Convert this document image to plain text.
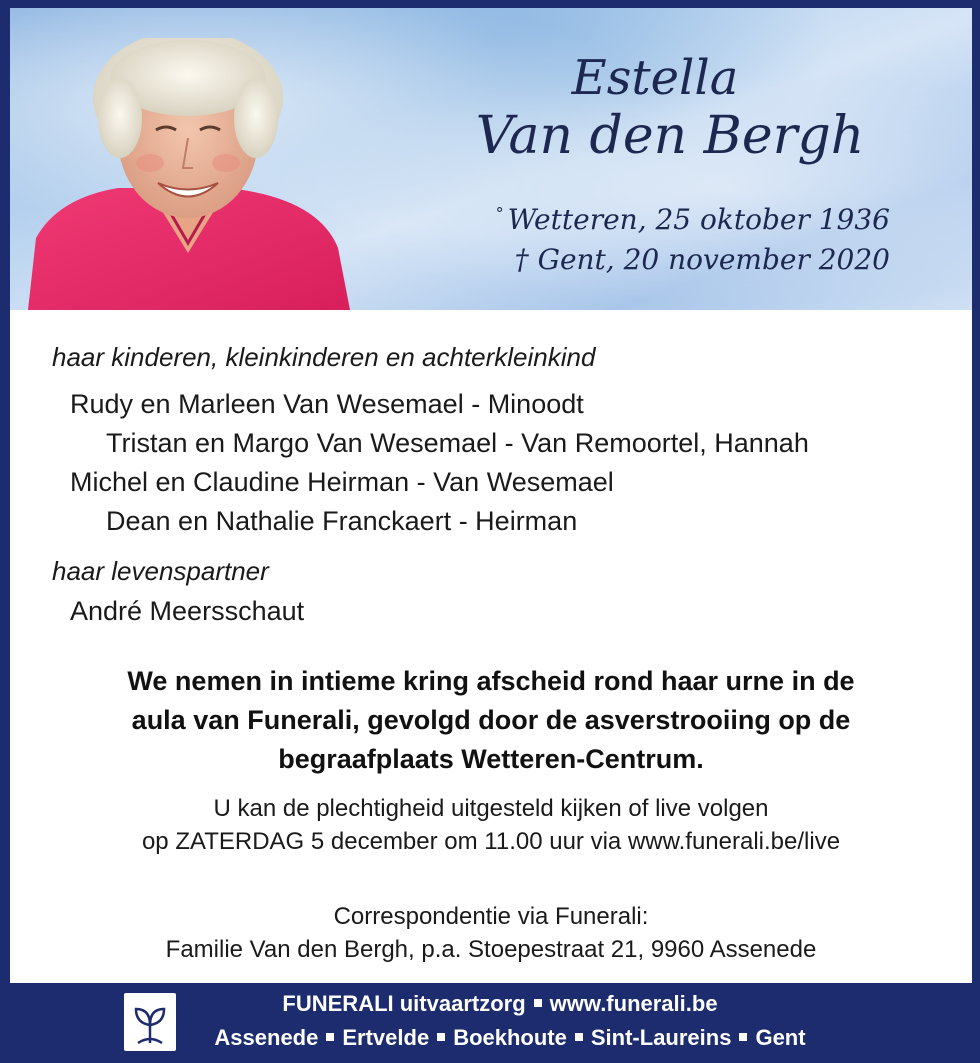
Estella
Van den Bergh
° Wetteren, 25 oktober 1936
† Gent, 20 november 2020
haar kinderen, kleinkinderen en achterkleinkind
Rudy en Marleen Van Wesemael - Minoodt
Tristan en Margo Van Wesemael - Van Remoortel, Hannah
Michel en Claudine Heirman - Van Wesemael
Dean en Nathalie Franckaert - Heirman
haar levenspartner
André Meersschaut
We nemen in intieme kring afscheid rond haar urne in de
aula van Funerali, gevolgd door de asverstrooiing op de
begraafplaats Wetteren-Centrum.
U kan de plechtigheid uitgesteld kijken of live volgen
op ZATERDAG 5 december om 11.00 uur via www.funerali.be/live
Correspondentie via Funerali:
Familie Van den Bergh, p.a. Stoepestraat 21, 9960 Assenede
FUNERALI uitvaartzorg www.funerali.be
Assenede Ertvelde Boekhoute Sint-Laureins Gent
